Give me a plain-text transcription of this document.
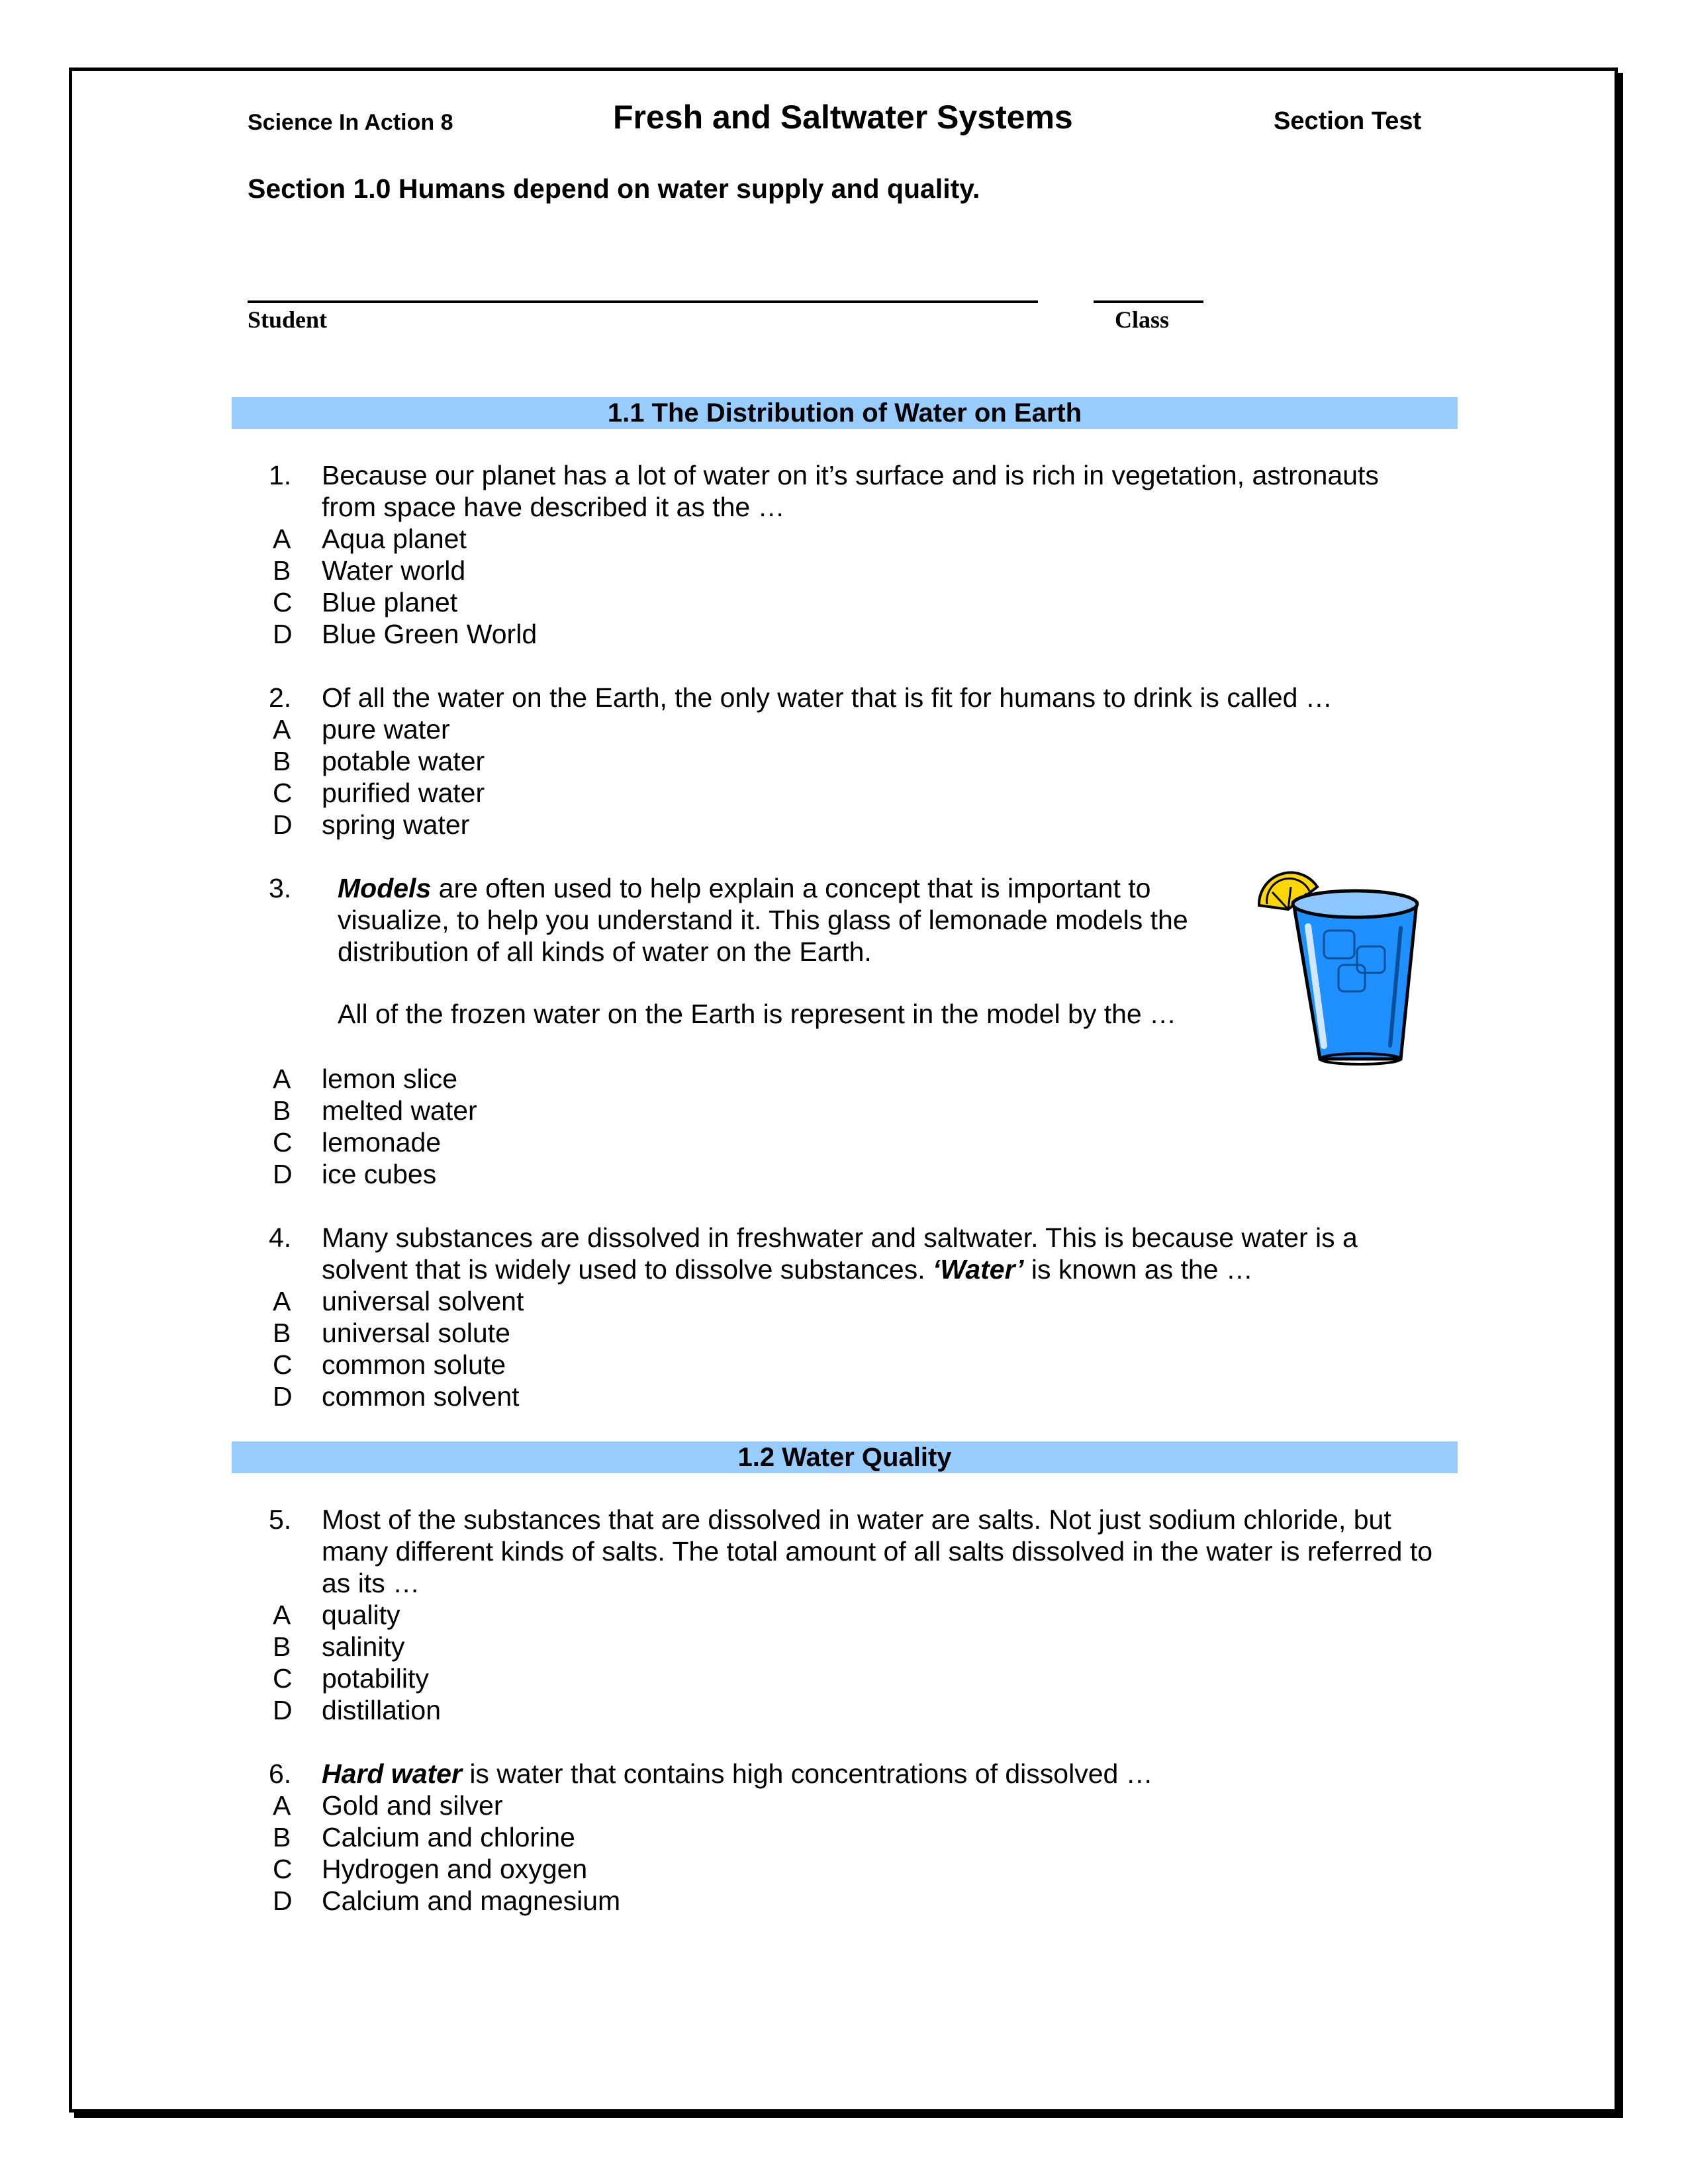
Science In Action 8	Fresh and Saltwater Systems	Section Test
Section 1.0 Humans depend on water supply and quality.
Student	Class
1.1 The Distribution of Water on Earth
1. Because our planet has a lot of water on it’s surface and is rich in vegetation, astronauts from space have described it as the …
A Aqua planet
B Water world
C Blue planet
D Blue Green World
2. Of all the water on the Earth, the only water that is fit for humans to drink is called …
A pure water
B potable water
C purified water
D spring water
3. Models are often used to help explain a concept that is important to visualize, to help you understand it. This glass of lemonade models the distribution of all kinds of water on the Earth.
All of the frozen water on the Earth is represent in the model by the …
A lemon slice
B melted water
C lemonade
D ice cubes
4. Many substances are dissolved in freshwater and saltwater. This is because water is a solvent that is widely used to dissolve substances. ‘Water’ is known as the …
A universal solvent
B universal solute
C common solute
D common solvent
1.2 Water Quality
5. Most of the substances that are dissolved in water are salts. Not just sodium chloride, but many different kinds of salts. The total amount of all salts dissolved in the water is referred to as its …
A quality
B salinity
C potability
D distillation
6. Hard water is water that contains high concentrations of dissolved …
A Gold and silver
B Calcium and chlorine
C Hydrogen and oxygen
D Calcium and magnesium
